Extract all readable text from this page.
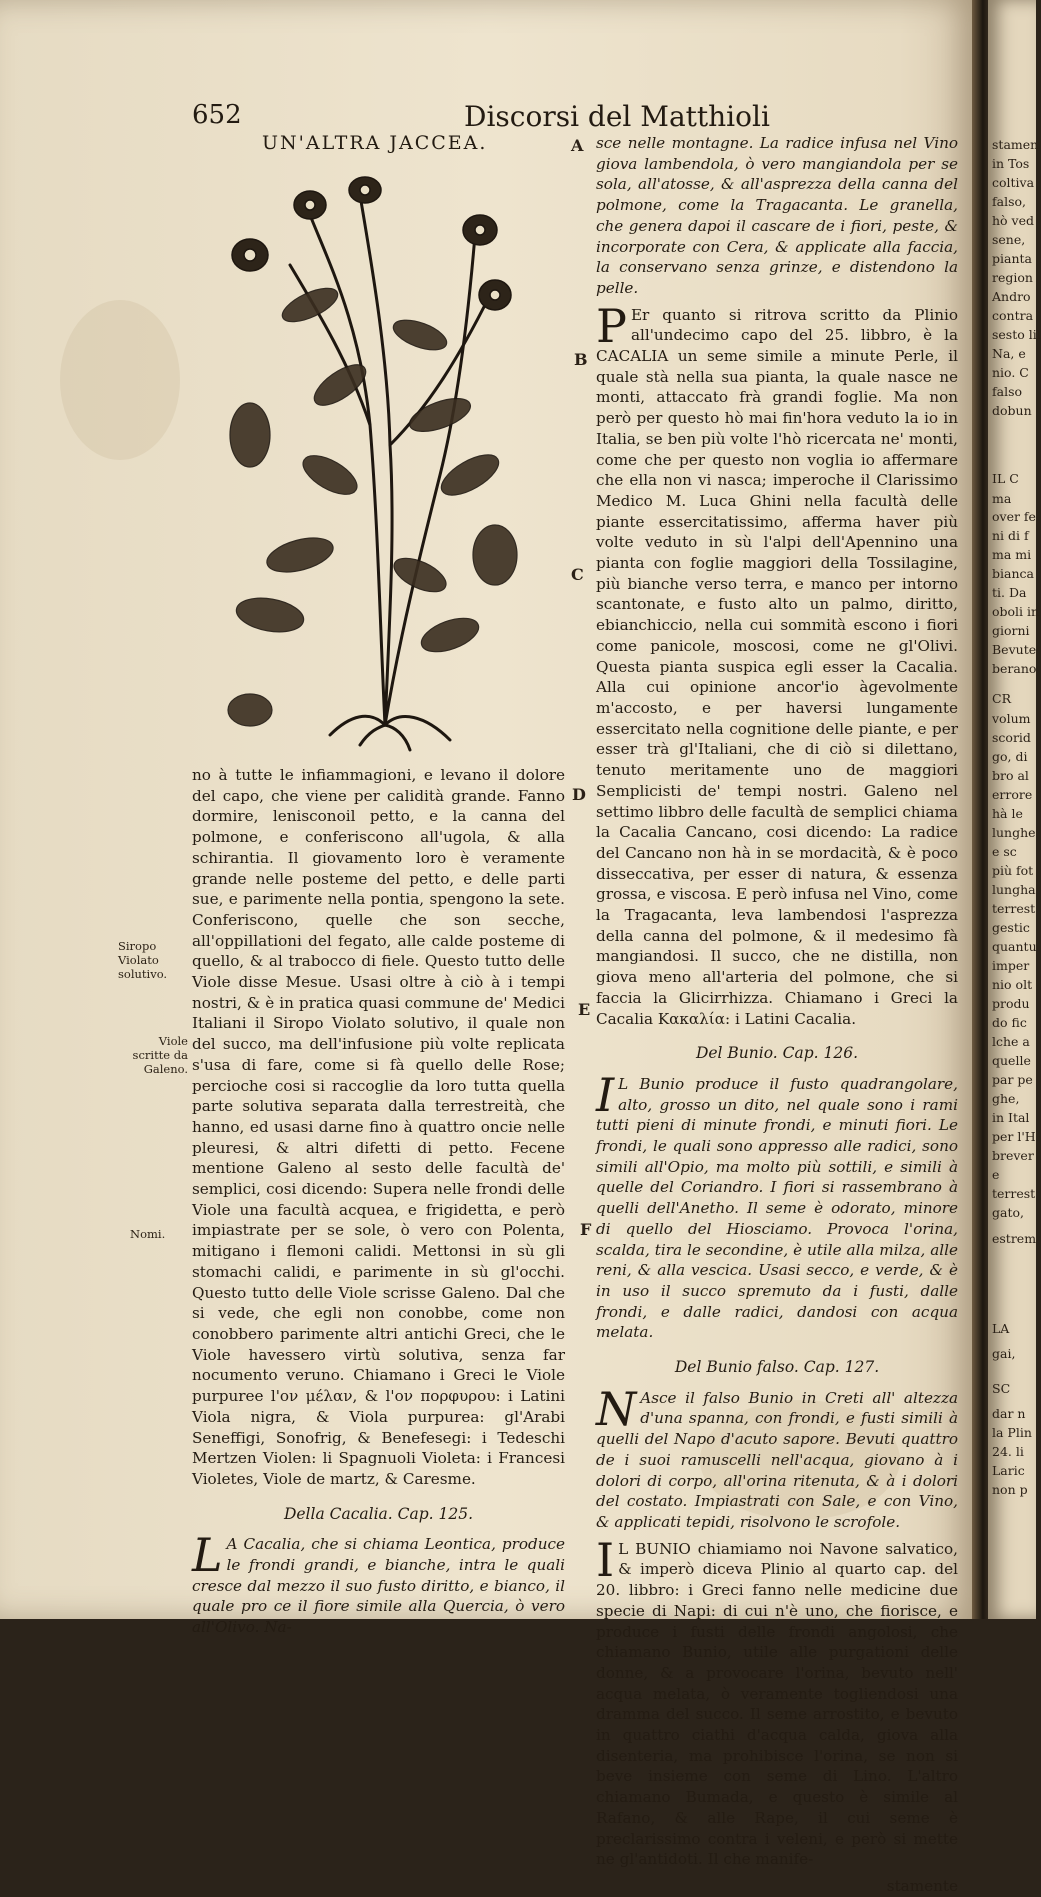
652	Discorsi del Matthioli
UN'ALTRA JACCEA.	A
B
C
D
E
F
Siropo Violato solutivo.
Viole scritte da Galeno.
Nomi.

no à tutte le infiammagioni, e levano il dolore del capo, che viene per calidità grande. Fanno dormire, lenisconoil petto, e la canna del polmone, e conferiscono all'ugola, & alla schirantia. Il giovamento loro è veramente grande nelle posteme del petto, e delle parti sue, e parimente nella pontia, spengono la sete. Conferiscono, quelle che son secche, all'oppillationi del fegato, alle calde posteme di quello, & al trabocco di fiele. Questo tutto delle Viole disse Mesue. Usasi oltre à ciò à i tempi nostri, & è in pratica quasi commune de' Medici Italiani il Siropo Violato solutivo, il quale non del succo, ma dell'infusione più volte replicata s'usa di fare, come si fà quello delle Rose; percioche cosi si raccoglie da loro tutta quella parte solutiva separata dalla terrestreità, che hanno, ed usasi darne fino à quattro oncie nelle pleuresi, & altri difetti di petto. Fecene mentione Galeno al sesto delle facultà de' semplici, cosi dicendo: Supera nelle frondi delle Viole una facultà acquea, e frigidetta, e però impiastrate per se sole, ò vero con Polenta, mitigano i flemoni calidi. Mettonsi in sù gli stomachi calidi, e parimente in sù gl'occhi. Questo tutto delle Viole scrisse Galeno. Dal che si vede, che egli non conobbe, come non conobbero parimente altri antichi Greci, che le Viole havessero virtù solutiva, senza far nocumento veruno. Chiamano i Greci le Viole purpuree l'ον μέλαν, & l'ον πορφυρου: i Latini Viola nigra, & Viola purpurea: gl'Arabi Seneffigi, Sonofrig, & Benefesegi: i Tedeschi Mertzen Violen: li Spagnuoli Violeta: i Francesi Violetes, Viole de martz, & Caresme.

Della Cacalia. Cap. 125.

LA Cacalia, che si chiama Leontica, produce le frondi grandi, e bianche, intra le quali cresce dal mezzo il suo fusto diritto, e bianco, il quale pro ce il fiore simile alla Quercia, ò vero all'Olivo. Na-

sce nelle montagne. La radice infusa nel Vino giova lambendola, ò vero mangiandola per se sola, all'atosse, & all'asprezza della canna del polmone, come la Tragacanta. Le granella, che genera dapoi il cascare de i fiori, peste, & incorporate con Cera, & applicate alla faccia, la conservano senza grinze, e distendono la pelle.

PEr quanto si ritrova scritto da Plinio all'undecimo capo del 25. libbro, è la CACALIA un seme simile a minute Perle, il quale stà nella sua pianta, la quale nasce ne monti, attaccato frà grandi foglie. Ma non però per questo hò mai fin'hora veduto la io in Italia, se ben più volte l'hò ricercata ne' monti, come che per questo non voglia io affermare che ella non vi nasca; imperoche il Clarissimo Medico M. Luca Ghini nella facultà delle piante essercitatissimo, afferma haver più volte veduto in sù l'alpi dell'Apennino una pianta con foglie maggiori della Tossilagine, più bianche verso terra, e manco per intorno scantonate, e fusto alto un palmo, diritto, ebianchiccio, nella cui sommità escono i fiori come panicole, moscosi, come ne gl'Olivi. Questa pianta suspica egli esser la Cacalia. Alla cui opinione ancor'io àgevolmente m'accosto, e per haversi lungamente essercitato nella cognitione delle piante, e per esser trà gl'Italiani, che di ciò si dilettano, tenuto meritamente uno de maggiori Semplicisti de' tempi nostri. Galeno nel settimo libbro delle facultà de semplici chiama la Cacalia Cancano, cosi dicendo: La radice del Cancano non hà in se mordacità, & è poco disseccativa, per esser di natura, & essenza grossa, e viscosa. E però infusa nel Vino, come la Tragacanta, leva lambendosi l'asprezza della canna del polmone, & il medesimo fà mangiandosi. Il succo, che ne distilla, non giova meno all'arteria del polmone, che si faccia la Glicirrhizza. Chiamano i Greci la Cacalia Κακαλία: i Latini Cacalia.

Del Bunio. Cap. 126.

IL Bunio produce il fusto quadrangolare, alto, grosso un dito, nel quale sono i rami tutti pieni di minute frondi, e minuti fiori. Le frondi, le quali sono appresso alle radici, sono simili all'Opio, ma molto più sottili, e simili à quelle del Coriandro. I fiori si rassembrano à quelli dell'Anetho. Il seme è odorato, minore di quello del Hiosciamo. Provoca l'orina, scalda, tira le secondine, è utile alla milza, alle reni, & alla vescica. Usasi secco, e verde, & è in uso il succo spremuto da i fusti, dalle frondi, e dalle radici, dandosi con acqua melata.

Del Bunio falso. Cap. 127.

NAsce il falso Bunio in Creti all' altezza d'una spanna, con frondi, e fusti simili à quelli del Napo d'acuto sapore. Bevuti quattro de i suoi ramuscelli nell'acqua, giovano à i dolori di corpo, all'orina ritenuta, & à i dolori del costato. Impiastrati con Sale, e con Vino, & applicati tepidi, risolvono le scrofole.

IL BUNIO chiamiamo noi Navone salvatico, & imperò diceva Plinio al quarto cap. del 20. libbro: i Greci fanno nelle medicine due specie di Napi: di cui n'è uno, che fiorisce, e produce i fusti delle frondi angolosi, che chiamano Bunio, utile alle purgationi delle donne, & a provocare l'orina, bevuto nell' acqua melata, ò veramente togliendosi una dramma del succo. Il seme arrostito, e bevuto in quattro ciathi d'acqua calda, giova alla disenteria, ma prohibisce l'orina, se non si beve insieme con seme di Lino. L'altro chiamano Bumada, e questo è simile al Rafano, & alle Rape, il cui seme è preclarissimo contra i veleni, e però si mette ne gl'antidoti. Il che manife-

stamente

stamen
in Tos
coltiva
falso,
hò ved
sene,
pianta
region
Andro
contra
sesto lil
Na, e
nio. C
falso
dobun
IL C
ma
over fe
ni di f
ma mi
bianca
ti. Da
oboli in
giorni
Bevute
berano
CR
volum
scorid
go, di
bro al
errore
hà le
lunghe
e sc
più fot
lungha
terrest
gestic
quantu
imper
nio olt
produ
do fic
lche a
quelle
par pe
ghe,
in Ital
per l'H
brever
e
terrest
gato,
estrem
LA
gai,
SC
dar n
la Plin
24. li
Laric
non p
